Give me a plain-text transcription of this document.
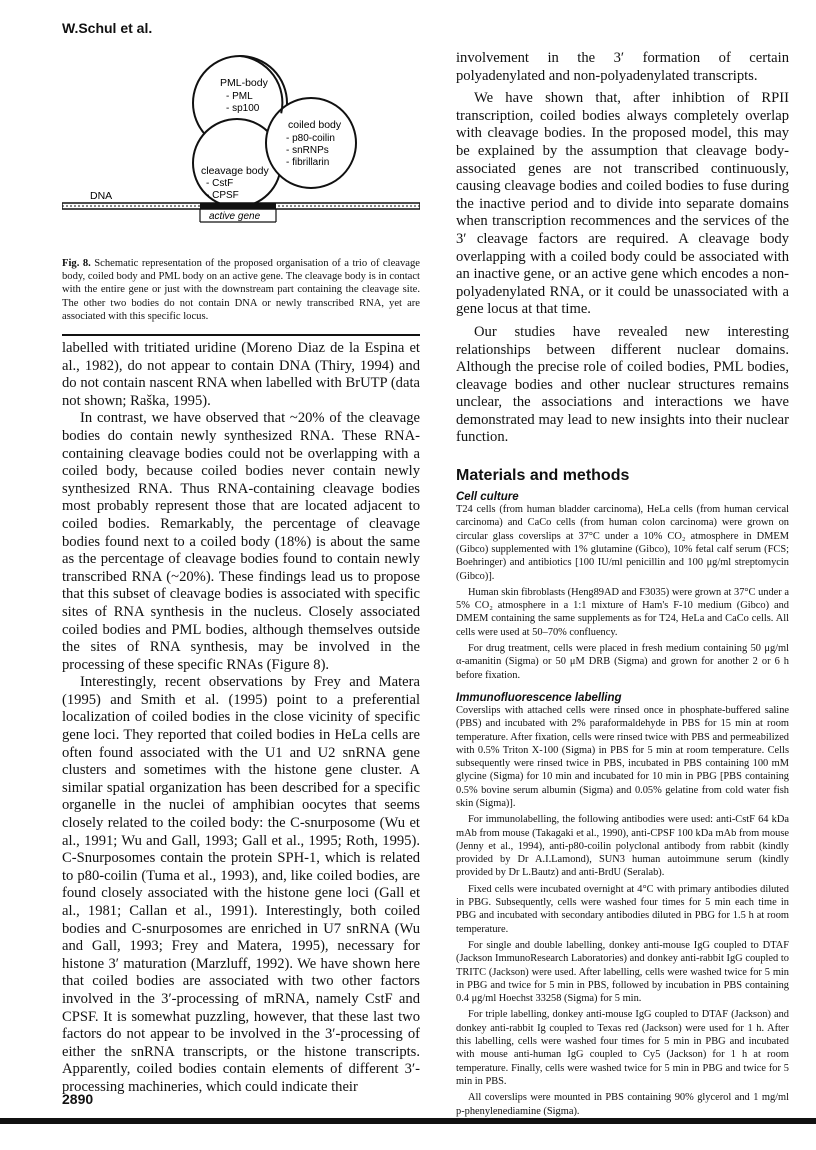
W.Schul et al.
PML-body
- PML
- sp100
coiled body
- p80-coilin
- snRNPs
- fibrillarin
cleavage body
- CstF
- CPSF
DNA
active gene

Fig. 8. Schematic representation of the proposed organisation of a trio of cleavage body, coiled body and PML body on an active gene. The cleavage body is in contact with the entire gene or just with the downstream part containing the cleavage site. The other two bodies do not contain DNA or newly transcribed RNA, yet are associated with this specific locus.

labelled with tritiated uridine (Moreno Diaz de la Espina et al., 1982), do not appear to contain DNA (Thiry, 1994) and do not contain nascent RNA when labelled with BrUTP (data not shown; Raška, 1995).

In contrast, we have observed that ~20% of the cleavage bodies do contain newly synthesized RNA. These RNA-containing cleavage bodies could not be overlapping with a coiled body, because coiled bodies never contain newly synthesized RNA. Thus RNA-containing cleavage bodies most probably represent those that are located adjacent to coiled bodies. Remarkably, the percentage of cleavage bodies found next to a coiled body (18%) is about the same as the percentage of cleavage bodies found to contain newly transcribed RNA (~20%). These findings lead us to propose that this subset of cleavage bodies is associated with specific sites of RNA synthesis in the nucleus. Closely associated coiled bodies and PML bodies, although themselves outside the sites of RNA synthesis, may be involved in the processing of these specific RNAs (Figure 8).

Interestingly, recent observations by Frey and Matera (1995) and Smith et al. (1995) point to a preferential localization of coiled bodies in the close vicinity of specific gene loci. They reported that coiled bodies in HeLa cells are often found associated with the U1 and U2 snRNA gene clusters and sometimes with the histone gene cluster. A similar spatial organization has been described for a specific organelle in the nuclei of amphibian oocytes that seems closely related to the coiled body: the C-snurposome (Wu et al., 1991; Wu and Gall, 1993; Gall et al., 1995; Roth, 1995). C-Snurposomes contain the protein SPH-1, which is related to p80-coilin (Tuma et al., 1993), and, like coiled bodies, are found closely associated with the histone gene loci (Gall et al., 1981; Callan et al., 1991). Interestingly, both coiled bodies and C-snurposomes are enriched in U7 snRNA (Wu and Gall, 1993; Frey and Matera, 1995), necessary for histone 3′ maturation (Marzluff, 1992). We have shown here that coiled bodies are associated with two other factors involved in the 3′-processing of mRNA, namely CstF and CPSF. It is somewhat puzzling, however, that these last two factors do not appear to be involved in the 3′-processing of either the snRNA transcripts, or the histone transcripts. Apparently, coiled bodies contain elements of different 3′-processing machineries, which could indicate their

involvement in the 3′ formation of certain polyadenylated and non-polyadenylated transcripts.

We have shown that, after inhibtion of RPII transcription, coiled bodies always completely overlap with cleavage bodies. In the proposed model, this may be explained by the assumption that cleavage body-associated genes are not transcribed continuously, causing cleavage bodies and coiled bodies to fuse during the inactive period and to divide into separate domains when transcription recommences and the services of the 3′ cleavage factors are required. A cleavage body overlapping with a coiled body could be associated with an inactive gene, or an active gene which encodes a non-polyadenylated RNA, or it could be unassociated with a gene locus at that time.

Our studies have revealed new interesting relationships between different nuclear domains. Although the precise role of coiled bodies, PML bodies, cleavage bodies and other nuclear structures remains unclear, the associations and interactions we have demonstrated may lead to new insights into their nuclear function.

Materials and methods
Cell culture

T24 cells (from human bladder carcinoma), HeLa cells (from human cervical carcinoma) and CaCo cells (from human colon carcinoma) were grown on circular glass coverslips at 37°C under a 10% CO₂ atmosphere in DMEM (Gibco) supplemented with 1% glutamine (Gibco), 10% fetal calf serum (FCS; Boehringer) and antibiotics [100 IU/ml penicillin and 100 μg/ml streptomycin (Gibco)].

Human skin fibroblasts (Heng89AD and F3035) were grown at 37°C under a 5% CO₂ atmosphere in a 1:1 mixture of Ham's F-10 medium (Gibco) and DMEM containing the same supplements as for T24, HeLa and CaCo cells. All cells were used at 50–70% confluency.

For drug treatment, cells were placed in fresh medium containing 50 μg/ml α-amanitin (Sigma) or 50 μM DRB (Sigma) and grown for another 2 or 6 h before fixation.

Immunofluorescence labelling

Coverslips with attached cells were rinsed once in phosphate-buffered saline (PBS) and incubated with 2% paraformaldehyde in PBS for 15 min at room temperature. After fixation, cells were rinsed twice with PBS and permeabilized with 0.5% Triton X-100 (Sigma) in PBS for 5 min at room temperature. Cells subsequently were rinsed twice in PBS, incubated in PBS containing 100 mM glycine (Sigma) for 10 min and incubated for 10 min in PBG [PBS containing 0.5% bovine serum albumin (Sigma) and 0.05% gelatine from cold water fish skin (Sigma)].

For immunolabelling, the following antibodies were used: anti-CstF 64 kDa mAb from mouse (Takagaki et al., 1990), anti-CPSF 100 kDa mAb from mouse (Jenny et al., 1994), anti-p80-coilin polyclonal antibody from rabbit (kindly provided by Dr A.I.Lamond), SUN3 human autoimmune serum (kindly provided by Dr L.Bautz) and anti-BrdU (Seralab).

Fixed cells were incubated overnight at 4°C with primary antibodies diluted in PBG. Subsequently, cells were washed four times for 5 min each time in PBG and incubated with secondary antibodies diluted in PBG for 1.5 h at room temperature.

For single and double labelling, donkey anti-mouse IgG coupled to DTAF (Jackson ImmunoResearch Laboratories) and donkey anti-rabbit IgG coupled to TRITC (Jackson) were used. After labelling, cells were washed twice for 5 min in PBG and twice for 5 min in PBS, followed by incubation in PBS containing 0.4 μg/ml Hoechst 33258 (Sigma) for 5 min.

For triple labelling, donkey anti-mouse IgG coupled to DTAF (Jackson) and donkey anti-rabbit Ig coupled to Texas red (Jackson) were used for 1 h. After this labelling, cells were washed four times for 5 min in PBG and incubated with mouse anti-human IgG coupled to Cy5 (Jackson) for 1 h at room temperature. Finally, cells were washed twice for 5 min in PBG and twice for 5 min in PBS.

All coverslips were mounted in PBS containing 90% glycerol and 1 mg/ml p-phenylenediamine (Sigma).

2890
